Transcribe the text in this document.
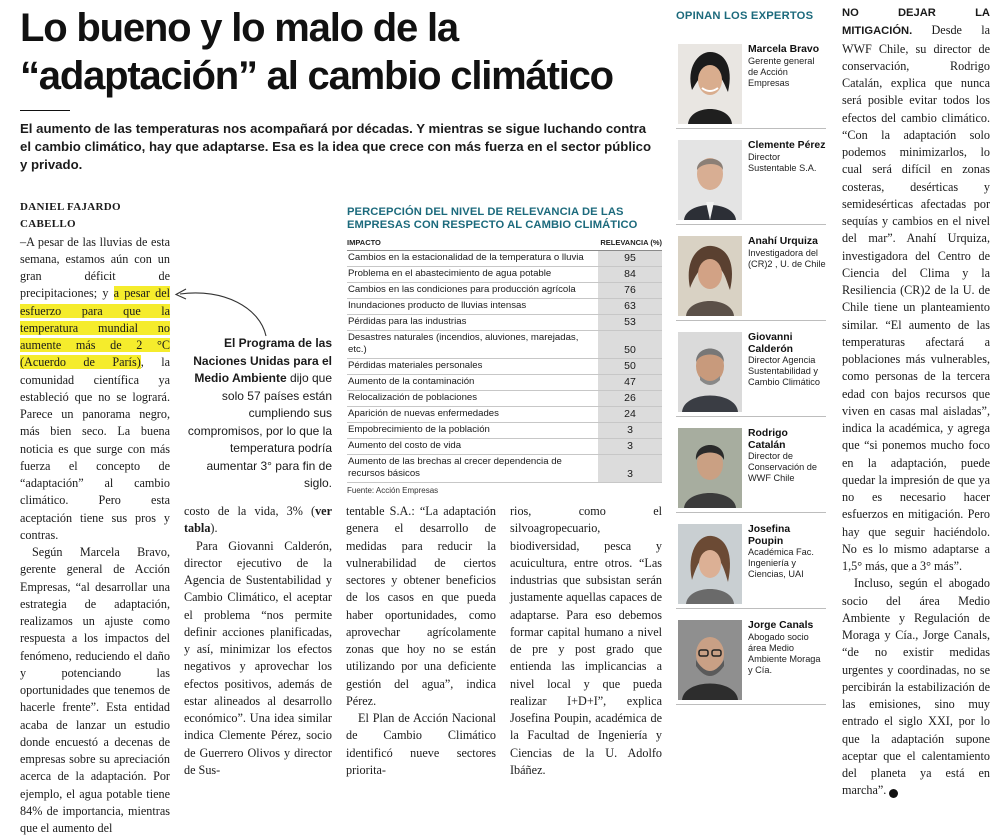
Lo bueno y lo malo de la
“adaptación” al cambio climático

El aumento de las temperaturas nos acompañará por décadas. Y mientras se sigue luchando contra el cambio climático, hay que adaptarse. Esa es la idea que crece con más fuerza en el sector público y privado.

DANIEL FAJARDO CABELLO

–A pesar de las lluvias de esta semana, estamos aún con un gran déficit de precipitaciones; y a pesar del esfuerzo para que la temperatura mundial no aumente más de 2 °C (Acuerdo de París), la comunidad científica ya estableció que no se logrará. Parece un panorama negro, más bien seco. La buena noticia es que surge con más fuerza el concepto de “adaptación” al cambio climático. Pero esta aceptación tiene sus pros y contras.

Según Marcela Bravo, gerente general de Acción Empresas, “al desarrollar una estrategia de adaptación, realizamos un ajuste como respuesta a los impactos del fenómeno, reduciendo el daño y potenciando las oportunidades que tenemos de hacerle frente”. Esta entidad acaba de lanzar un estudio donde encuestó a decenas de empresas sobre su apreciación acerca de la adaptación. Por ejemplo, el agua potable tiene 84% de importancia, mientras que el aumento del

El Programa de las Naciones Unidas para el Medio Ambiente dijo que solo 57 países están cumpliendo sus compromisos, por lo que la temperatura podría aumentar 3° para fin de siglo.

PERCEPCIÓN DEL NIVEL DE RELEVANCIA DE LAS EMPRESAS CON RESPECTO AL CAMBIO CLIMÁTICO

IMPACTO	RELEVANCIA (%)
Cambios en la estacionalidad de la temperatura o lluvia	95
Problema en el abastecimiento de agua potable	84
Cambios en las condiciones para producción agrícola	76
Inundaciones producto de lluvias intensas	63
Pérdidas para las industrias	53
Desastres naturales (incendios, aluviones, marejadas, etc.)	50
Pérdidas materiales personales	50
Aumento de la contaminación	47
Relocalización de poblaciones	26
Aparición de nuevas enfermedades	24
Empobrecimiento de la población	3
Aumento del costo de vida	3
Aumento de las brechas al crecer dependencia de recursos básicos	3
Fuente: Acción Empresas

costo de la vida, 3% (ver tabla).

Para Giovanni Calderón, director ejecutivo de la Agencia de Sustentabilidad y Cambio Climático, el aceptar el problema “nos permite definir acciones planificadas, y así, minimizar los efectos negativos y aprovechar los efectos positivos, además de estar alineados al desarrollo económico”. Una idea similar indica Clemente Pérez, socio de Guerrero Olivos y director de Sus-

tentable S.A.: “La adaptación genera el desarrollo de medidas para reducir la vulnerabilidad de ciertos sectores y obtener beneficios de los casos en que pueda haber oportunidades, como aprovechar agrícolamente zonas que hoy no se están utilizando por una deficiente gestión del agua”, indica Pérez.

El Plan de Acción Nacional de Cambio Climático identificó nueve sectores priorita-

rios, como el silvoagropecuario, biodiversidad, pesca y acuicultura, entre otros. “Las industrias que subsistan serán justamente aquellas capaces de adaptarse. Para eso debemos formar capital humano a nivel de pre y post grado que entienda las implicancias a nivel local y que pueda realizar I+D+I”, explica Josefina Poupin, académica de la Facultad de Ingeniería y Ciencias de la U. Adolfo Ibáñez.

OPINAN LOS EXPERTOS

Marcela Bravo
Gerente general de Acción Empresas
Clemente Pérez
Director Sustentable S.A.
Anahí Urquiza
Investigadora del (CR)2 , U. de Chile
Giovanni Calderón
Director Agencia Sustentabilidad y Cambio Climático
Rodrigo Catalán
Director de Conservación de WWF Chile
Josefina Poupin
Académica Fac. Ingeniería y Ciencias, UAI
Jorge Canals
Abogado socio área Medio Ambiente Moraga y Cía.

NO DEJAR LA MITIGACIÓN. Desde la WWF Chile, su director de conservación, Rodrigo Catalán, explica que nunca será posible evitar todos los efectos del cambio climático. “Con la adaptación solo podemos minimizarlos, lo cual será difícil en zonas costeras, desérticas y semidesérticas afectadas por sequías y cambios en el nivel del mar”. Anahí Urquiza, investigadora del Centro de Ciencia del Clima y la Resiliencia (CR)2 de la U. de Chile tiene un planteamiento similar. “El aumento de las temperaturas afectará a poblaciones más vulnerables, como personas de la tercera edad con bajos recursos que viven en casas mal aisladas”, indica la académica, y agrega que “si ponemos mucho foco en la adaptación, puede quedar la impresión de que ya no es necesario hacer esfuerzos en mitigación. Pero hay que seguir haciéndolo. No es lo mismo adaptarse a 1,5° más, que a 3° más”.

Incluso, según el abogado socio del área Medio Ambiente y Regulación de Moraga y Cía., Jorge Canals, “de no existir medidas urgentes y coordinadas, no se percibirán la estabilización de las emisiones, sino muy entrado el siglo XXI, por lo que la adaptación supone aceptar que el calentamiento del planeta ya está en marcha”. P
